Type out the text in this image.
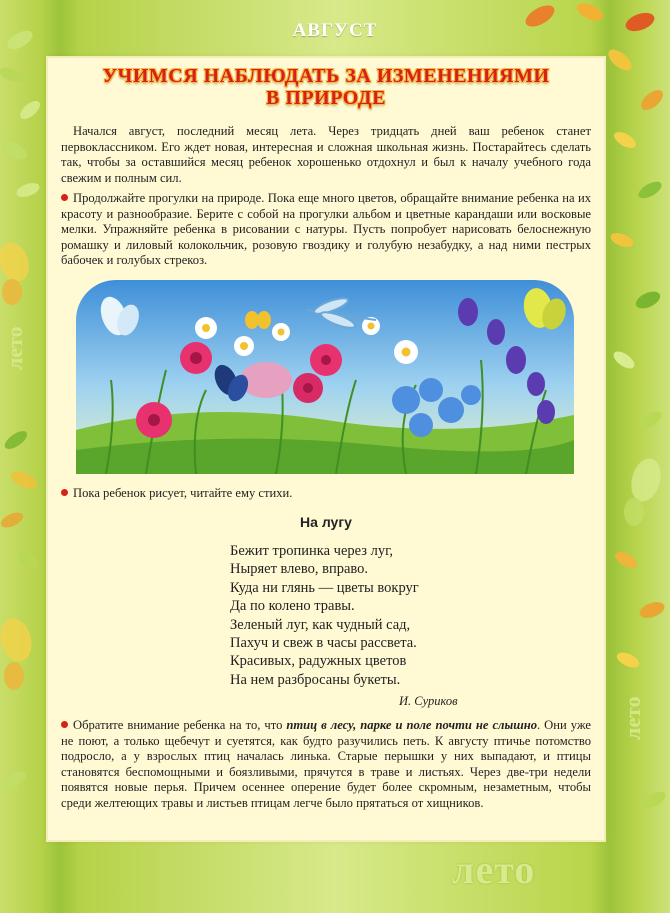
лето
лето
АВГУСТ
УЧИМСЯ НАБЛЮДАТЬ ЗА ИЗМЕНЕНИЯМИ
В ПРИРОДЕ
Начался август, последний месяц лета. Через тридцать дней ваш ребенок станет первоклассником. Его ждет новая, интересная и сложная школьная жизнь. Постарайтесь сделать так, чтобы за оставшийся месяц ребенок хорошенько отдохнул и был к началу учебного года свежим и полным сил.
Продолжайте прогулки на природе. Пока еще много цветов, обращайте внимание ребенка на их красоту и разнообразие. Берите с собой на прогулки альбом и цветные карандаши или восковые мелки. Упражняйте ребенка в рисовании с натуры. Пусть попробует нарисовать белоснежную ромашку и лиловый колокольчик, розовую гвоздику и голубую незабудку, а над ними пестрых бабочек и голубых стрекоз.
Пока ребенок рисует, читайте ему стихи.
На лугу
Бежит тропинка через луг,
Ныряет влево, вправо.
Куда ни глянь — цветы вокруг
Да по колено травы.
Зеленый луг, как чудный сад,
Пахуч и свеж в часы рассвета.
Красивых, радужных цветов
На нем разбросаны букеты.
И. Суриков
Обратите внимание ребенка на то, что птиц в лесу, парке и поле почти не слышно. Они уже не поют, а только щебечут и суетятся, как будто разучились петь. К августу птичье потомство подросло, а у взрослых птиц началась линька. Старые перышки у них выпадают, и птицы становятся беспомощными и боязливыми, прячутся в траве и листьях. Через две-три недели появятся новые перья. Причем осеннее оперение будет более скромным, незаметным, чтобы среди желтеющих травы и листьев птицам легче было прятаться от хищников.
лето
